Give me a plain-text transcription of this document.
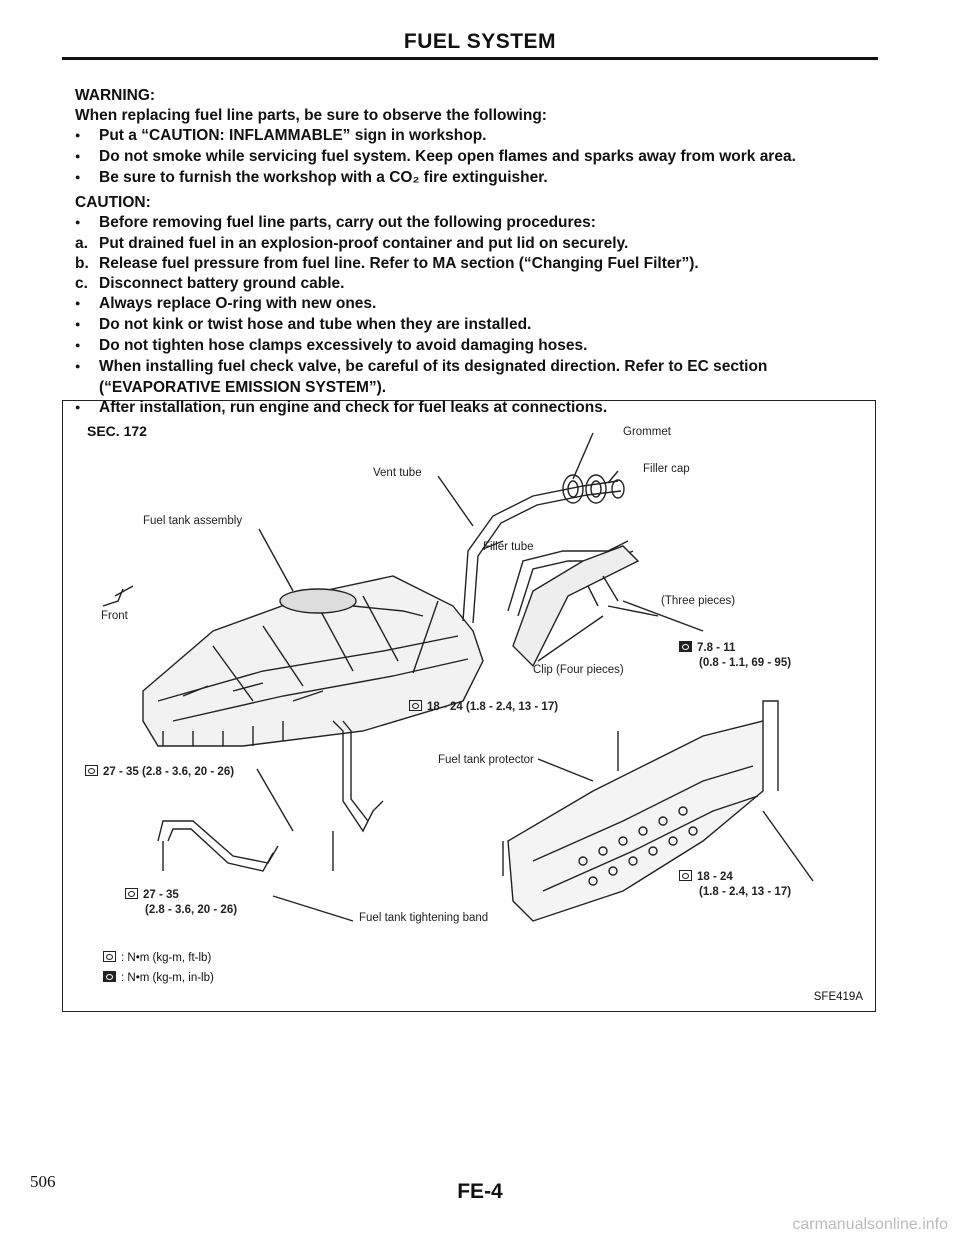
FUEL SYSTEM
WARNING:
When replacing fuel line parts, be sure to observe the following:
●Put a “CAUTION: INFLAMMABLE” sign in workshop.
●Do not smoke while servicing fuel system. Keep open flames and sparks away from work area.
●Be sure to furnish the workshop with a CO₂ fire extinguisher.
CAUTION:
● Before removing fuel line parts, carry out the following procedures:
a. Put drained fuel in an explosion-proof container and put lid on securely.
b. Release fuel pressure from fuel line. Refer to MA section (“Changing Fuel Filter”).
c. Disconnect battery ground cable.
● Always replace O-ring with new ones.
● Do not kink or twist hose and tube when they are installed.
● Do not tighten hose clamps excessively to avoid damaging hoses.
● When installing fuel check valve, be careful of its designated direction. Refer to EC section
(“EVAPORATIVE EMISSION SYSTEM”).
● After installation, run engine and check for fuel leaks at connections.
SEC. 172	Grommet
Vent tube	Filler cap
Fuel tank assembly
Filler tube
Front
(Three pieces)
Clip (Four pieces)
7.8 - 11
(0.8 - 1.1, 69 - 95)
18 - 24 (1.8 - 2.4, 13 - 17)
Fuel tank protector
27 - 35 (2.8 - 3.6, 20 - 26)
27 - 35
(2.8 - 3.6, 20 - 26)
18 - 24
(1.8 - 2.4, 13 - 17)
Fuel tank tightening band
: N•m (kg-m, ft-lb)
: N•m (kg-m, in-lb)
SFE419A
506	FE-4
carmanualsonline.info
